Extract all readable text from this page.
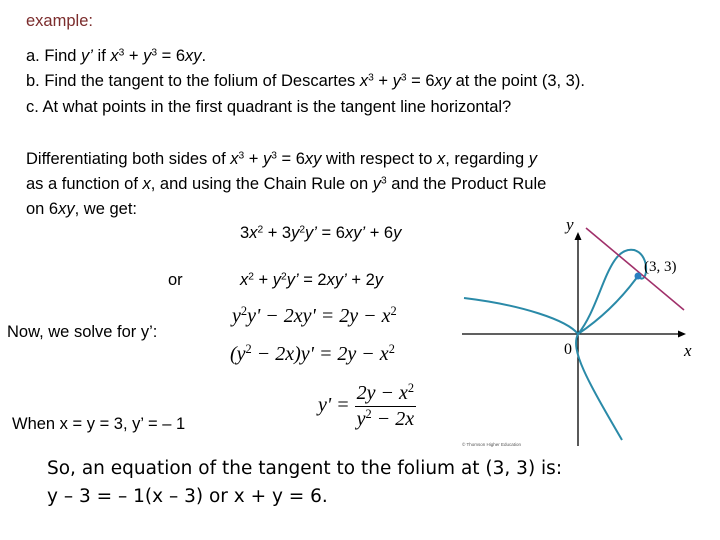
example:
a. Find y’ if $x^3 + y^3 = 6xy$.
b. Find the tangent to the folium of Descartes $x^3 + y^3 = 6xy$ at the point (3, 3).
c. At what points in the first quadrant is the tangent line horizontal?
Differentiating both sides of $x^3 + y^3 = 6xy$ with respect to x, regarding y
as a function of x, and using the Chain Rule on $y^3$ and the Product Rule
on 6xy, we get:
$3x^2 + 3y^2y$’ = 6xy’ + 6y
or	$x^2 + y^2y$’ = 2xy’ + 2y
Now, we solve for y’:
$y^2y' - 2xy' = 2y - x^2$
$(y^2 - 2x)y' = 2y - x^2$
$y' = \frac{2y - x^2}{y^2 - 2x}$
When x = y = 3, y’ = – 1
y
x
0
(3, 3)
© Thomson Higher Education
So, an equation of the tangent to the folium at (3, 3) is:
y – 3 = – 1(x – 3) or x + y = 6.
